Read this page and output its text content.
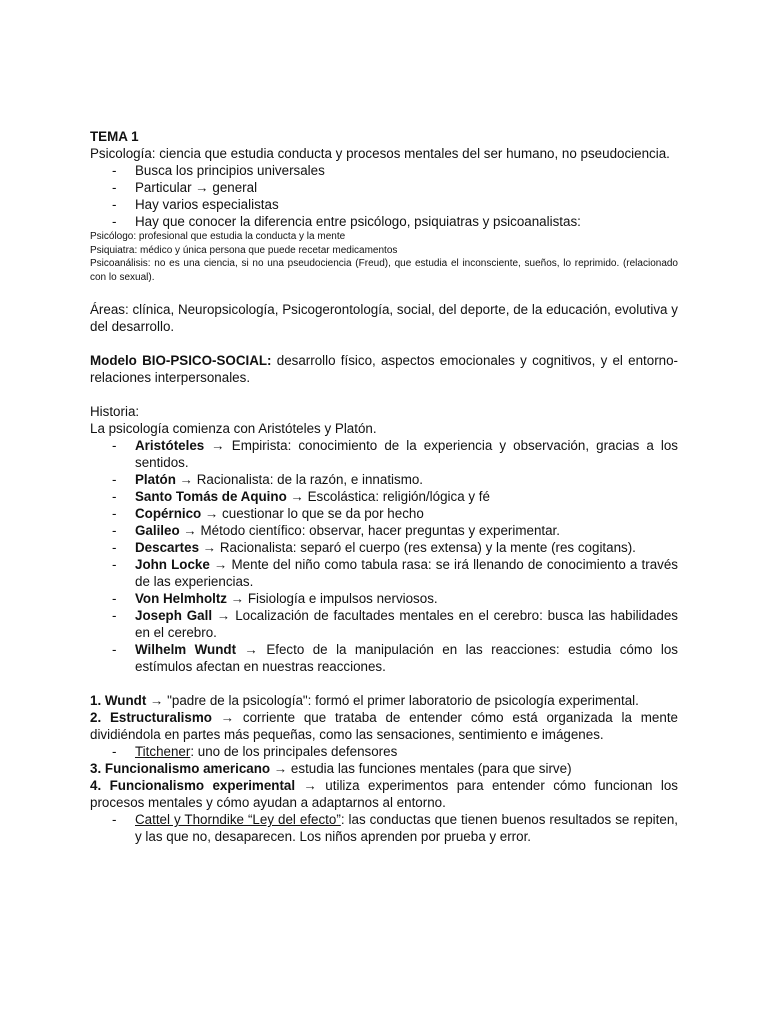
TEMA 1

Psicología: ciencia que estudia conducta y procesos mentales del ser humano, no pseudociencia.

- Busca los principios universales
- Particular → general
- Hay varios especialistas
- Hay que conocer la diferencia entre psicólogo, psiquiatras y psicoanalistas:

Psicólogo: profesional que estudia la conducta y la mente

Psiquiatra: médico y única persona que puede recetar medicamentos

Psicoanálisis: no es una ciencia, si no una pseudociencia (Freud), que estudia el inconsciente, sueños, lo reprimido. (relacionado con lo sexual).

Áreas: clínica, Neuropsicología, Psicogerontología, social, del deporte, de la educación, evolutiva y del desarrollo.

Modelo BIO-PSICO-SOCIAL: desarrollo físico, aspectos emocionales y cognitivos, y el entorno-relaciones interpersonales.

Historia:

La psicología comienza con Aristóteles y Platón.

- Aristóteles → Empirista: conocimiento de la experiencia y observación, gracias a los sentidos.
- Platón → Racionalista: de la razón, e innatismo.
- Santo Tomás de Aquino → Escolástica: religión/lógica y fé
- Copérnico → cuestionar lo que se da por hecho
- Galileo → Método científico: observar, hacer preguntas y experimentar.
- Descartes → Racionalista: separó el cuerpo (res extensa) y la mente (res cogitans).
- John Locke → Mente del niño como tabula rasa: se irá llenando de conocimiento a través de las experiencias.
- Von Helmholtz → Fisiología e impulsos nerviosos.
- Joseph Gall → Localización de facultades mentales en el cerebro: busca las habilidades en el cerebro.
- Wilhelm Wundt → Efecto de la manipulación en las reacciones: estudia cómo los estímulos afectan en nuestras reacciones.

1. Wundt → "padre de la psicología": formó el primer laboratorio de psicología experimental.

2. Estructuralismo → corriente que trataba de entender cómo está organizada la mente dividiéndola en partes más pequeñas, como las sensaciones, sentimiento e imágenes.

- Titchener: uno de los principales defensores

3. Funcionalismo americano → estudia las funciones mentales (para que sirve)

4. Funcionalismo experimental → utiliza experimentos para entender cómo funcionan los procesos mentales y cómo ayudan a adaptarnos al entorno.

- Cattel y Thorndike “Ley del efecto”: las conductas que tienen buenos resultados se repiten, y las que no, desaparecen. Los niños aprenden por prueba y error.
